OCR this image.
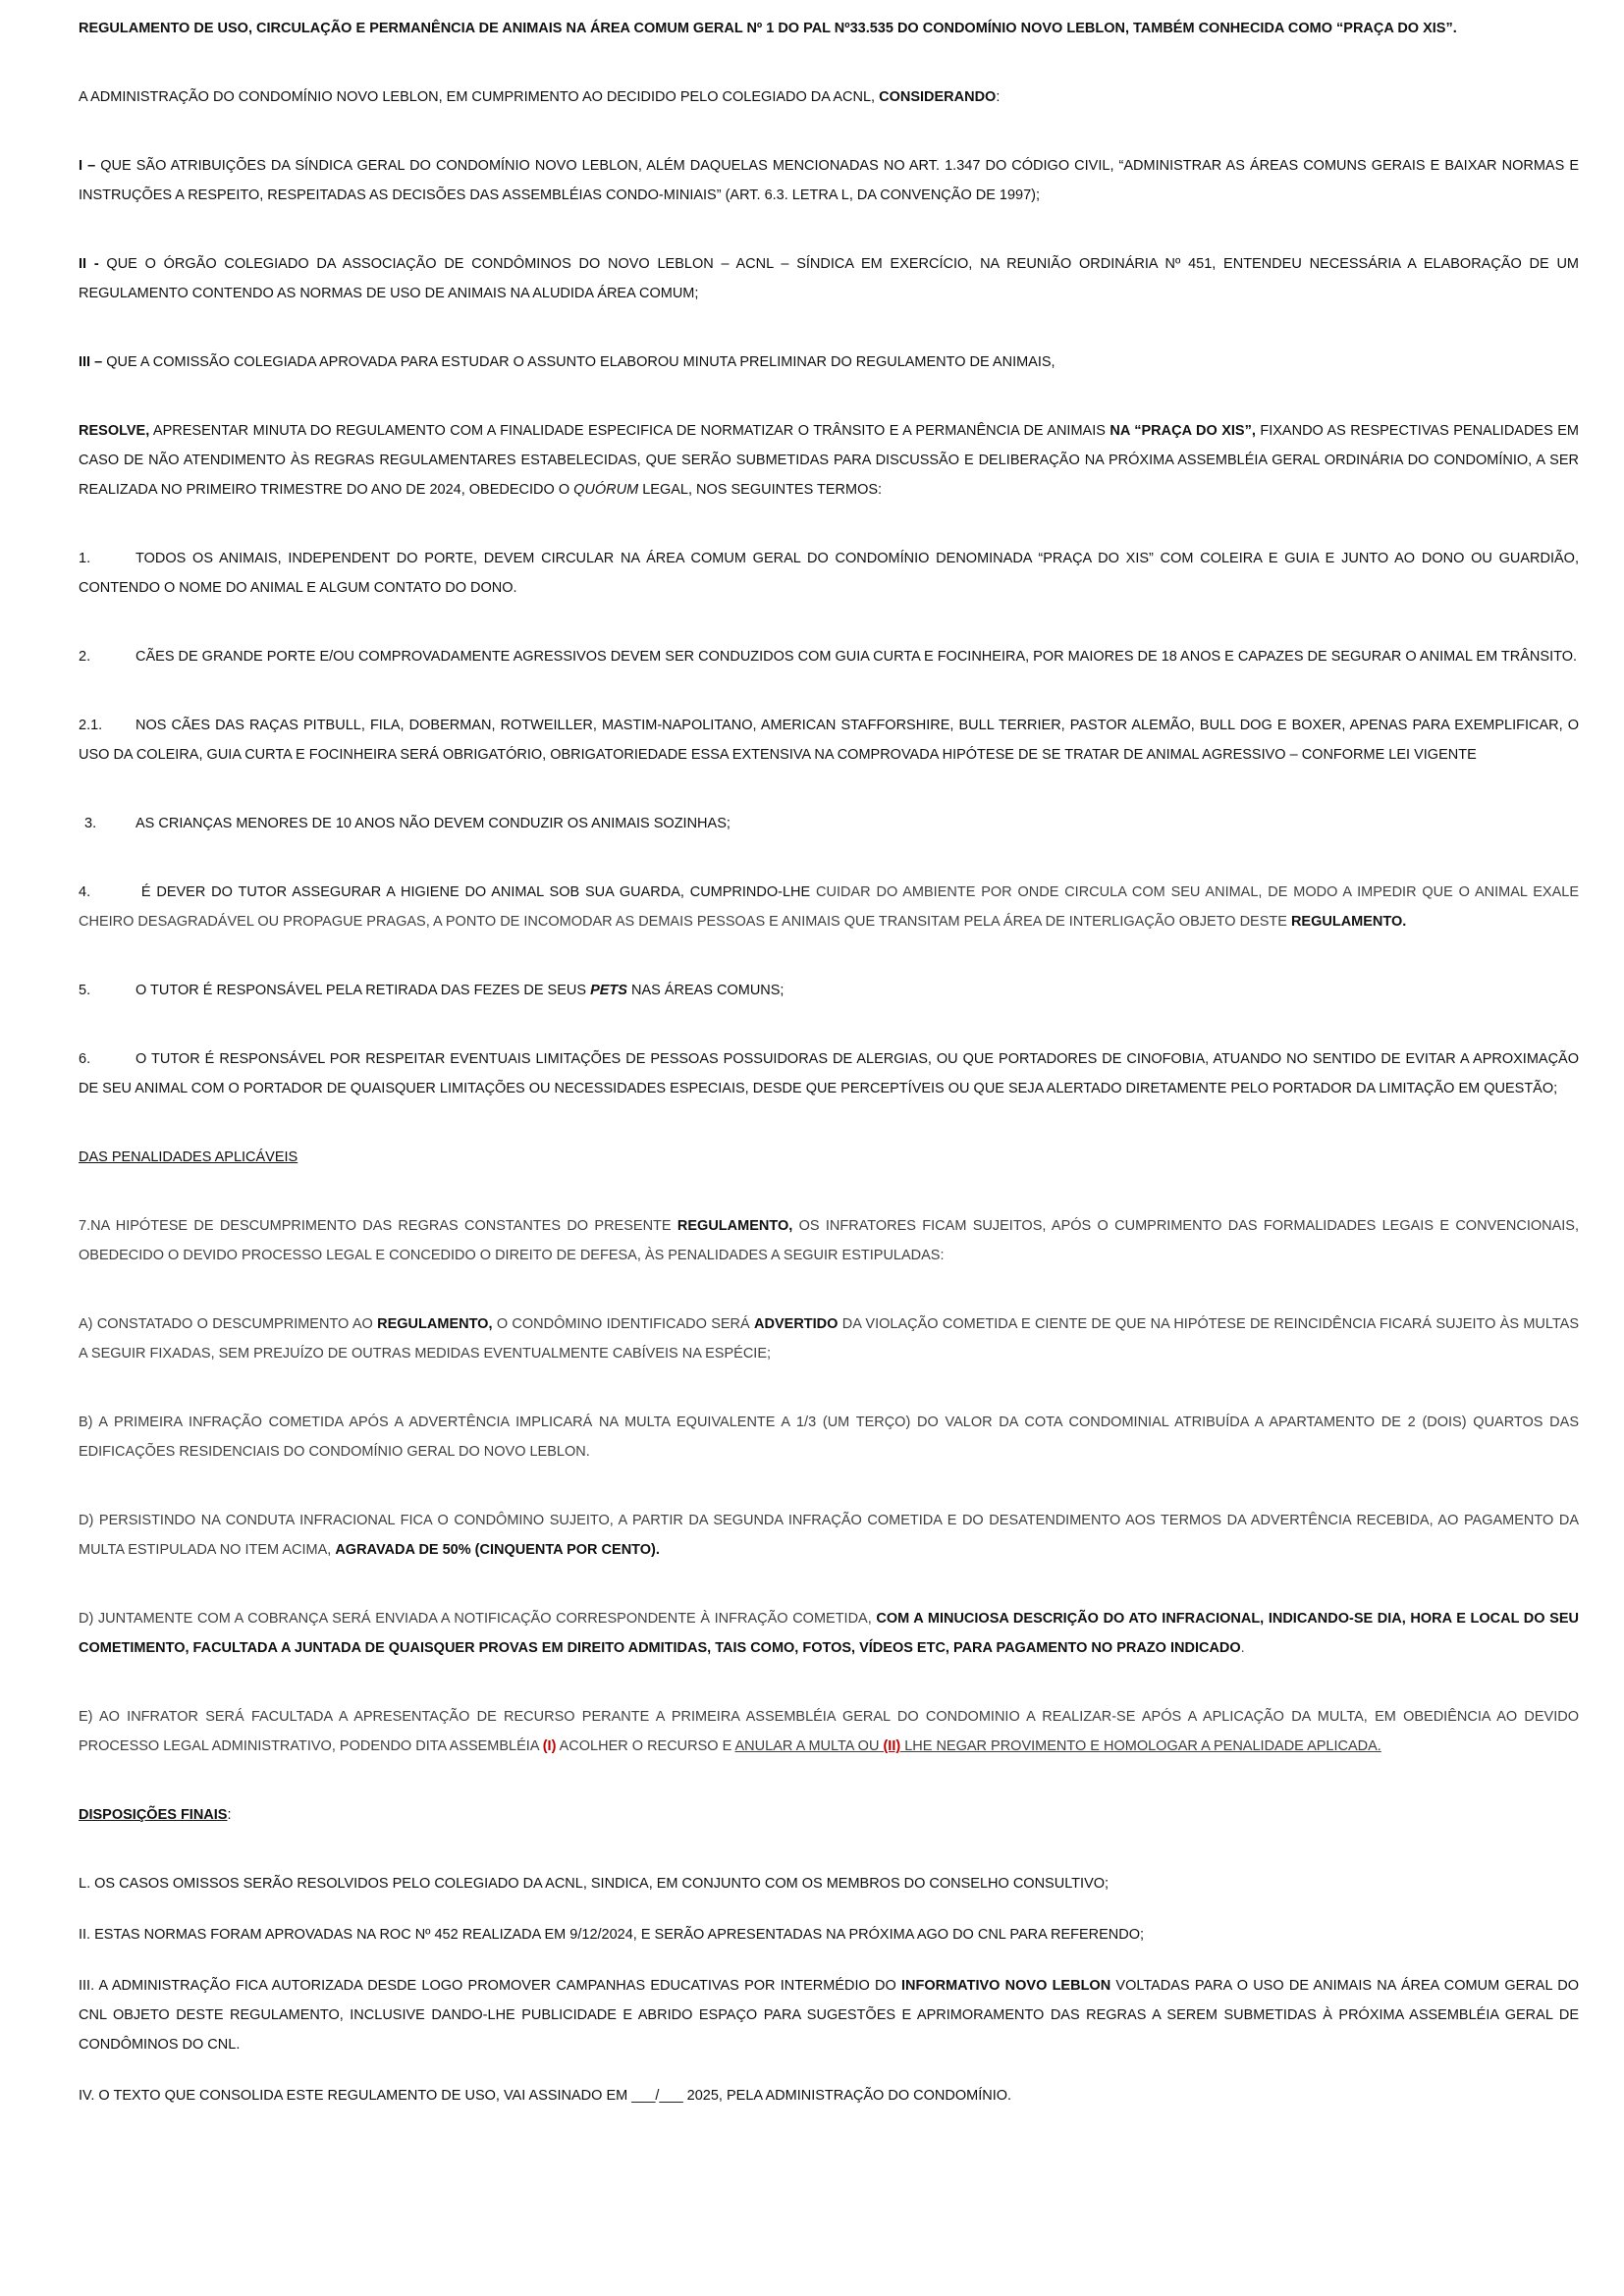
REGULAMENTO DE USO, CIRCULAÇÃO E PERMANÊNCIA DE ANIMAIS NA ÁREA COMUM GERAL Nº 1 DO PAL Nº33.535 DO CONDOMÍNIO NOVO LEBLON, TAMBÉM CONHECIDA COMO “PRAÇA DO XIS”.

A ADMINISTRAÇÃO DO CONDOMÍNIO NOVO LEBLON, EM CUMPRIMENTO AO DECIDIDO PELO COLEGIADO DA ACNL, CONSIDERANDO:

I – QUE SÃO ATRIBUIÇÕES DA SÍNDICA GERAL DO CONDOMÍNIO NOVO LEBLON, ALÉM DAQUELAS MENCIONADAS NO ART. 1.347 DO CÓDIGO CIVIL, “ADMINISTRAR AS ÁREAS COMUNS GERAIS E BAIXAR NORMAS E INSTRUÇÕES A RESPEITO, RESPEITADAS AS DECISÕES DAS ASSEMBLÉIAS CONDO-MINIAIS” (ART. 6.3. LETRA L, DA CONVENÇÃO DE 1997);

II - QUE O ÓRGÃO COLEGIADO DA ASSOCIAÇÃO DE CONDÔMINOS DO NOVO LEBLON – ACNL – SÍNDICA EM EXERCÍCIO, NA REUNIÃO ORDINÁRIA Nº 451, ENTENDEU NECESSÁRIA A ELABORAÇÃO DE UM REGULAMENTO CONTENDO AS NORMAS DE USO DE ANIMAIS NA ALUDIDA ÁREA COMUM;

III – QUE A COMISSÃO COLEGIADA APROVADA PARA ESTUDAR O ASSUNTO ELABOROU MINUTA PRELIMINAR DO REGULAMENTO DE ANIMAIS,

RESOLVE, APRESENTAR MINUTA DO REGULAMENTO COM A FINALIDADE ESPECIFICA DE NORMATIZAR O TRÂNSITO E A PERMANÊNCIA DE ANIMAIS NA “PRAÇA DO XIS”, FIXANDO AS RESPECTIVAS PENALIDADES EM CASO DE NÃO ATENDIMENTO ÀS REGRAS REGULAMENTARES ESTABELECIDAS, QUE SERÃO SUBMETIDAS PARA DISCUSSÃO E DELIBERAÇÃO NA PRÓXIMA ASSEMBLÉIA GERAL ORDINÁRIA DO CONDOMÍNIO, A SER REALIZADA NO PRIMEIRO TRIMESTRE DO ANO DE 2024, OBEDECIDO O QUÓRUM LEGAL, NOS SEGUINTES TERMOS:

1.	TODOS OS ANIMAIS, INDEPENDENT DO PORTE, DEVEM CIRCULAR NA ÁREA COMUM GERAL DO CONDOMÍNIO DENOMINADA “PRAÇA DO XIS” COM COLEIRA E GUIA E JUNTO AO DONO OU GUARDIÃO, CONTENDO O NOME DO ANIMAL E ALGUM CONTATO DO DONO.

2.	CÃES DE GRANDE PORTE E/OU COMPROVADAMENTE AGRESSIVOS DEVEM SER CONDUZIDOS COM GUIA CURTA E FOCINHEIRA, POR MAIORES DE 18 ANOS E CAPAZES DE SEGURAR O ANIMAL EM TRÂNSITO.

2.1. NOS CÃES DAS RAÇAS PITBULL, FILA, DOBERMAN, ROTWEILLER, MASTIM-NAPOLITANO, AMERICAN STAFFORSHIRE, BULL TERRIER, PASTOR ALEMÃO, BULL DOG E BOXER, APENAS PARA EXEMPLIFICAR, O USO DA COLEIRA, GUIA CURTA E FOCINHEIRA SERÁ OBRIGATÓRIO, OBRIGATORIEDADE ESSA EXTENSIVA NA COMPROVADA HIPÓTESE DE SE TRATAR DE ANIMAL AGRESSIVO – CONFORME LEI VIGENTE

3.	AS CRIANÇAS MENORES DE 10 ANOS NÃO DEVEM CONDUZIR OS ANIMAIS SOZINHAS;

4.	É DEVER DO TUTOR ASSEGURAR A HIGIENE DO ANIMAL SOB SUA GUARDA, CUMPRINDO-LHE CUIDAR DO AMBIENTE POR ONDE CIRCULA COM SEU ANIMAL, DE MODO A IMPEDIR QUE O ANIMAL EXALE CHEIRO DESAGRADÁVEL OU PROPAGUE PRAGAS, A PONTO DE INCOMODAR AS DEMAIS PESSOAS E ANIMAIS QUE TRANSITAM PELA ÁREA DE INTERLIGAÇÃO OBJETO DESTE REGULAMENTO.

5.	O TUTOR É RESPONSÁVEL PELA RETIRADA DAS FEZES DE SEUS PETS NAS ÁREAS COMUNS;

6.	O TUTOR É RESPONSÁVEL POR RESPEITAR EVENTUAIS LIMITAÇÕES DE PESSOAS POSSUIDORAS DE ALERGIAS, OU QUE PORTADORES DE CINOFOBIA, ATUANDO NO SENTIDO DE EVITAR A APROXIMAÇÃO DE SEU ANIMAL COM O PORTADOR DE QUAISQUER LIMITAÇÕES OU NECESSIDADES ESPECIAIS, DESDE QUE PERCEPTÍVEIS OU QUE SEJA ALERTADO DIRETAMENTE PELO PORTADOR DA LIMITAÇÃO EM QUESTÃO;

DAS PENALIDADES APLICÁVEIS

7.NA HIPÓTESE DE DESCUMPRIMENTO DAS REGRAS CONSTANTES DO PRESENTE REGULAMENTO, OS INFRATORES FICAM SUJEITOS, APÓS O CUMPRIMENTO DAS FORMALIDADES LEGAIS E CONVENCIONAIS, OBEDECIDO O DEVIDO PROCESSO LEGAL E CONCEDIDO O DIREITO DE DEFESA, ÀS PENALIDADES A SEGUIR ESTIPULADAS:

A) CONSTATADO O DESCUMPRIMENTO AO REGULAMENTO, O CONDÔMINO IDENTIFICADO SERÁ ADVERTIDO DA VIOLAÇÃO COMETIDA E CIENTE DE QUE NA HIPÓTESE DE REINCIDÊNCIA FICARÁ SUJEITO ÀS MULTAS A SEGUIR FIXADAS, SEM PREJUÍZO DE OUTRAS MEDIDAS EVENTUALMENTE CABÍVEIS NA ESPÉCIE;

B) A PRIMEIRA INFRAÇÃO COMETIDA APÓS A ADVERTÊNCIA IMPLICARÁ NA MULTA EQUIVALENTE A 1/3 (UM TERÇO) DO VALOR DA COTA CONDOMINIAL ATRIBUÍDA A APARTAMENTO DE 2 (DOIS) QUARTOS DAS EDIFICAÇÕES RESIDENCIAIS DO CONDOMÍNIO GERAL DO NOVO LEBLON.

D) PERSISTINDO NA CONDUTA INFRACIONAL FICA O CONDÔMINO SUJEITO, A PARTIR DA SEGUNDA INFRAÇÃO COMETIDA E DO DESATENDIMENTO AOS TERMOS DA ADVERTÊNCIA RECEBIDA, AO PAGAMENTO DA MULTA ESTIPULADA NO ITEM ACIMA, AGRAVADA DE 50% (CINQUENTA POR CENTO).

D) JUNTAMENTE COM A COBRANÇA SERÁ ENVIADA A NOTIFICAÇÃO CORRESPONDENTE À INFRAÇÃO COMETIDA, COM A MINUCIOSA DESCRIÇÃO DO ATO INFRACIONAL, INDICANDO-SE DIA, HORA E LOCAL DO SEU COMETIMENTO, FACULTADA A JUNTADA DE QUAISQUER PROVAS EM DIREITO ADMITIDAS, TAIS COMO, FOTOS, VÍDEOS ETC, PARA PAGAMENTO NO PRAZO INDICADO.

E) AO INFRATOR SERÁ FACULTADA A APRESENTAÇÃO DE RECURSO PERANTE A PRIMEIRA ASSEMBLÉIA GERAL DO CONDOMINIO A REALIZAR-SE APÓS A APLICAÇÃO DA MULTA, EM OBEDIÊNCIA AO DEVIDO PROCESSO LEGAL ADMINISTRATIVO, PODENDO DITA ASSEMBLÉIA (I) ACOLHER O RECURSO E ANULAR A MULTA OU (II) LHE NEGAR PROVIMENTO E HOMOLOGAR A PENALIDADE APLICADA.

DISPOSIÇÕES FINAIS:

L. OS CASOS OMISSOS SERÃO RESOLVIDOS PELO COLEGIADO DA ACNL, SINDICA, EM CONJUNTO COM OS MEMBROS DO CONSELHO CONSULTIVO;

II. ESTAS NORMAS FORAM APROVADAS NA ROC Nº 452 REALIZADA EM 9/12/2024, E SERÃO APRESENTADAS NA PRÓXIMA AGO DO CNL PARA REFERENDO;

III. A ADMINISTRAÇÃO FICA AUTORIZADA DESDE LOGO PROMOVER CAMPANHAS EDUCATIVAS POR INTERMÉDIO DO INFORMATIVO NOVO LEBLON VOLTADAS PARA O USO DE ANIMAIS NA ÁREA COMUM GERAL DO CNL OBJETO DESTE REGULAMENTO, INCLUSIVE DANDO-LHE PUBLICIDADE E ABRIDO ESPAÇO PARA SUGESTÕES E APRIMORAMENTO DAS REGRAS A SEREM SUBMETIDAS À PRÓXIMA ASSEMBLÉIA GERAL DE CONDÔMINOS DO CNL.

IV. O TEXTO QUE CONSOLIDA ESTE REGULAMENTO DE USO, VAI ASSINADO EM ___/___ 2025, PELA ADMINISTRAÇÃO DO CONDOMÍNIO.
